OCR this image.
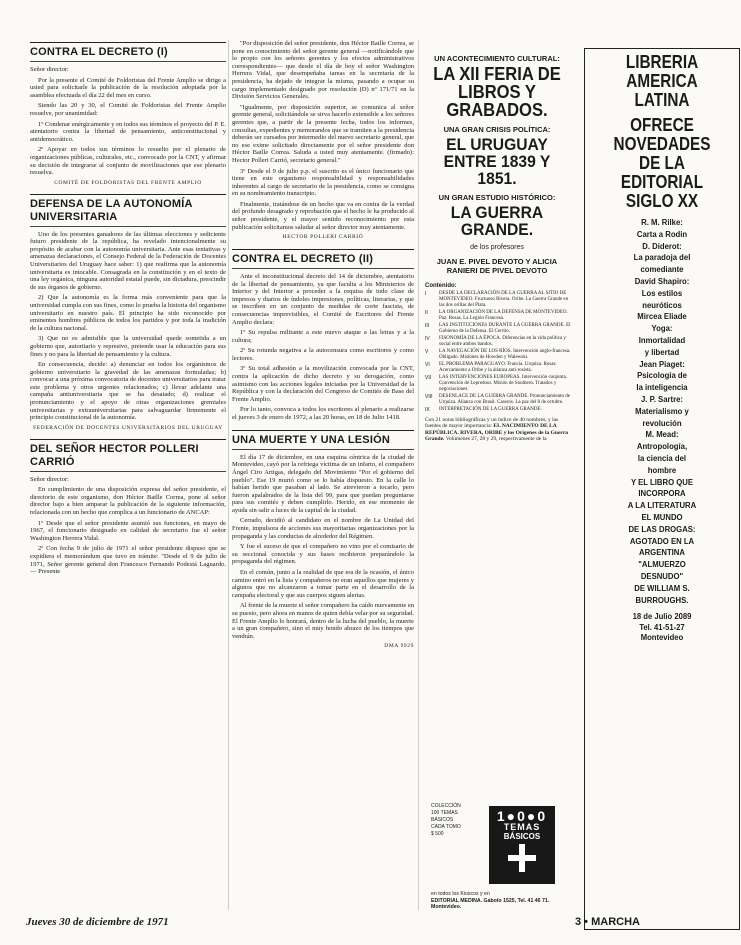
CONTRA EL DECRETO (I)

Señor director:

Por la presente el Comité de Foldoristas del Frente Amplio se dirige a usted para solicitarle la publicación de la resolución adoptada por la asamblea efectuada el día 22 del mes en curso.

Siendo las 20 y 30, el Comité de Foldoristas del Frente Amplio resuelve, por unanimidad:

1º Condenar enérgicamente y en todos sus términos el proyecto del P. E. atentatorio contra la libertad de pensamiento, anticonstitucional y antidemocrático.

2º Apoyar en todos sus términos lo resuelto por el plenario de organizaciones públicas, culturales, etc., convocado por la CNT, y afirmar su decisión de integrarse al conjunto de movilizaciones que ese plenario resuelva.

COMITÉ DE FOLDORISTAS DEL FRENTE AMPLIO
DEFENSA DE LA AUTONOMÍA UNIVERSITARIA

Uno de los presentes ganadores de las últimas elecciones y sediciente futuro presidente de la república, ha revelado intencionalmente su propósito de acabar con la autonomía universitaria. Ante esas tentativas y amenazas declaraciones, el Consejo Federal de la Federación de Docentes Universitarios del Uruguay hace saber: 1) que reafirma que la autonomía universitaria es intocable. Consagrada en la constitución y en el texto de una ley orgánica, ninguna autoridad estatal puede, sin dictadura, prescindir de sus órganos de gobierno.

2) Que la autonomía es la forma más conveniente para que la universidad cumpla con sus fines, como lo prueba la historia del organismo universitario en nuestro país. El principio ha sido reconocido por eminentes hombres públicos de todos los partidos y por toda la tradición de la cultura nacional.

3) Que no es admisible que la universidad quede sometida a un gobierno que, autoritario y represivo, pretende usar la educación para sus fines y no para la libertad de pensamiento y la cultura.

En consecuencia, decide: a) denunciar en todos los organismos de gobierno universitario la gravedad de las amenazas formuladas; b) convocar a una próxima convocatoria de docentes universitarios para tratar este problema y otros urgentes relacionados; c) llevar adelante una campaña antiuniversitaria que se ha desatado; d) realizar el pronunciamiento y el apoyo de otras organizaciones gremiales universitarias y extrauniversitarias para salvaguardar firmemente el principio constitucional de la autonomía.

FEDERACIÓN DE DOCENTES UNIVERSITARIOS DEL URUGUAY
DEL SEÑOR HECTOR POLLERI CARRIÓ

Señor director:

En cumplimiento de una disposición expresa del señor presidente, el directorio de este organismo, don Héctor Batlle Correa, pone al señor director bajo a bien amparar la publicación de la siguiente información, relacionada con un hecho que complica a un funcionario de ANCAP:

1º Desde que el señor presidente asumió sus funciones, en mayo de 1967, el funcionario designado en calidad de secretario fue el señor Washington Herrera Vidal.

2º Con fecha 9 de julio de 1971 el señor presidente dispuso que se expidiera el memorándum que tuvo en trámite: "Desde el 9 de julio de 1971, Señor gerente general don Francesco Fernando Podestá Laguardo. — Presente

"Por disposición del señor presidente, don Héctor Batlle Correa, se pone en conocimiento del señor gerente general —notificándole que lo propio con los señores gerentes y los efectos administrativos correspondientes— que desde el día de hoy el señor Washington Herrera Vidal, que desempeñaba tareas en la secretaría de la presidencia, ha dejado de integrar la misma, pasando a ocupar su cargo implementado designado por resolución (D) nº 171/71 en la División Servicios Generales.

"Igualmente, por disposición superior, se comunica al señor gerente general, solicitándole se sirva hacerlo extensible a los señores gerentes que, a partir de la presente fecha, todos los informes, consultas, expedientes y memorandos que se tramiten a la presidencia deberán ser cursados por intermedio del nuevo secretario general, que no ese exime solicitado directamente por el señor presidente don Héctor Batlle Correa. Saluda a usted muy atentamente. (firmado): Hector Polleri Carrió, secretario general."

3º Desde el 9 de julio p.p. el suscrito es el único funcionario que tiene en este organismo responsabilidad y responsabilidades inherentes al cargo de secretario de la presidencia, como se consigna en su nombramiento transcripto.

Finalmente, tratándose de un hecho que va en contra de la verdad del profundo desagrado y reprobación que el hecho le ha producido al señor presidente, y el mayor sentido reconocimiento por esta publicación solicitamos saludar al señor director muy atentamente.

HECTOR POLLERI CARRIÓ
CONTRA EL DECRETO (II)

Ante el inconstitucional decreto del 14 de diciembre, atentatorio de la libertad de pensamiento, ya que faculta a los Ministerios de Interior y del Interior a proceder a la requisa de todo clase de impresos y diarios de índoles impresiones, políticas, literarias, y que se inscriben en un conjunto de medidas de corte fascista, de consecuencias imprevisibles, el Comité de Escritores del Frente Amplio declara:

1º Su repulsa militante a este nuevo ataque a las letras y a la cultura;

2º Su rotunda negativa a la autocensura como escritores y como lectores.

3º Su total adhesión a la movilización convocada por la CNT, contra la aplicación de dicho decreto y su derogación, como asimismo con las acciones legales iniciadas por la Universidad de la República y con la declaración del Congreso de Comités de Base del Frente Amplio.

Por lo tanto, convoca a todos los escritores al plenario a realizarse el jueves 3 de enero de 1972, a las 20 horas, en 18 de Julio 1418.

UNA MUERTE Y UNA LESIÓN

El día 17 de diciembre, en una esquina céntrica de la ciudad de Montevideo, cayó por la refriega víctima de un infarto, el compañero Ángel Ciro Artigas, delegado del Movimiento "Por el gobierno del pueblo". Ese 19 murió como se lo había dispuesto. En la calle lo habían herido que pasaban al lado. Se atrevieron a tocarlo, pero fueron apalabrados de la lista del 99, para que puedan preguntarse para sus comités y deben cumplirlo. Herido, en ese momento de ayuda sin salir a luces de la capital de la ciudad.

Cerrado, decidió al candidato en el nombre de La Unidad del Frente, impulsora de acciones sus mayoritarias organizaciones por la propaganda y las conductas de alrededor del Régimen.

Y fue el suceso de que el compañero no vino por el comisario de su seccional conocida y sus bases recibieron preparándolo la propaganda del régimen.

En el común, junto a la realidad de que era de la ocasión, el único camino entró en la lista y compañeros no eran aquellos que mujeres y algunos que no alcanzaron a tomar parte en el desarrollo de la campaña electoral y que sus cuerpos siguen alertas.

Al frente de la muerte el señor compañero ha caído nuevamente en su puesto, pero ahora en manos de quien debía velar por su seguridad. El Frente Amplio lo honrará, dentro de la lucha del pueblo, la muerte a un gran compañero, sino el muy hondo abrazo de los tiempos que vendrán.

DMA 9929
UN ACONTECIMIENTO CULTURAL:
LA XII FERIA DE LIBROS Y GRABADOS.
UNA GRAN CRISIS POLÍTICA:
EL URUGUAY ENTRE 1839 Y 1851.
UN GRAN ESTUDIO HISTÓRICO:
LA GUERRA GRANDE.
de los profesores
JUAN E. PIVEL DEVOTO Y ALICIA RANIERI DE PIVEL DEVOTO
Contenido:
I	DESDE LA DECLARACIÓN DE LA GUERRA AL SITIO DE MONTEVIDEO. Fructuoso Rivera. Oribe. La Guerra Grande en las dos orillas del Plata.
II	LA ORGANIZACIÓN DE LA DEFENSA DE MONTEVIDEO. Paz. Rosas. La Legión Francesa.
III	LAS INSTITUCIONES DURANTE LA GUERRA GRANDE. El Gobierno de la Defensa. El Cerrito.
IV	FISONOMÍA DE LA ÉPOCA. Diferencias en la vida política y social entre ambos bandos.
V	LA NAVEGACIÓN DE LOS RÍOS. Intervención anglo-francesa. Obligado. Misiones de Howden y Walewski.
VI	EL PROBLEMA PARAGUAYO. Francia. Urquiza. Rosas. Acercamiento a Oribe y la alianza anti-rosista.
VII	LAS INTERVENCIONES EUROPEAS. Intervención conjunta. Convención de Lepredour. Misión de Southern. Tratados y negociaciones.
VIII	DESENLACE DE LA GUERRA GRANDE. Pronunciamiento de Urquiza. Alianza con Brasil. Caseros. La paz del 8 de octubre.
IX	INTERPRETACIÓN DE LA GUERRA GRANDE.
Con 21 notas bibliográficas y un índice de 40 nombres, y las fuentes de mayor importancia: EL NACIMIENTO DE LA REPÚBLICA. RIVERA, ORIBE y los Orígenes de la Guerra Grande. Volúmenes 27, 28 y 29, respectivamente de la
COLECCIÓN
100 TEMAS
BÁSICOS
CADA TOMO
$ 500
1●0●0
TEMAS
BÁSICOS
en todos los Kioscos y en
EDITORIAL MEDINA. Gaboto 1525, Tel. 41 46 71. Montevideo.
LIBRERIA
AMERICA
LATINA
OFRECE
NOVEDADES
DE LA
EDITORIAL
SIGLO XX
R. M. Rilke:
Carta a Rodin
D. Diderot:
La paradoja del
comediante
David Shapiro:
Los estilos
neuróticos
Mircea Eliade
Yoga:
Inmortalidad
y libertad
Jean Piaget:
Psicología de
la inteligencia
J. P. Sartre:
Materialismo y
revolución
M. Mead:
Antropología,
la ciencia del
hombre
Y EL LIBRO QUE
INCORPORA
A LA LITERATURA
EL MUNDO
DE LAS DROGAS:
AGOTADO EN LA
ARGENTINA
"ALMUERZO
DESNUDO"
DE WILLIAM S.
BURROUGHS.
18 de Julio 2089
Tel. 41-51-27
Montevideo
Jueves 30 de diciembre de 1971	3 • MARCHA
